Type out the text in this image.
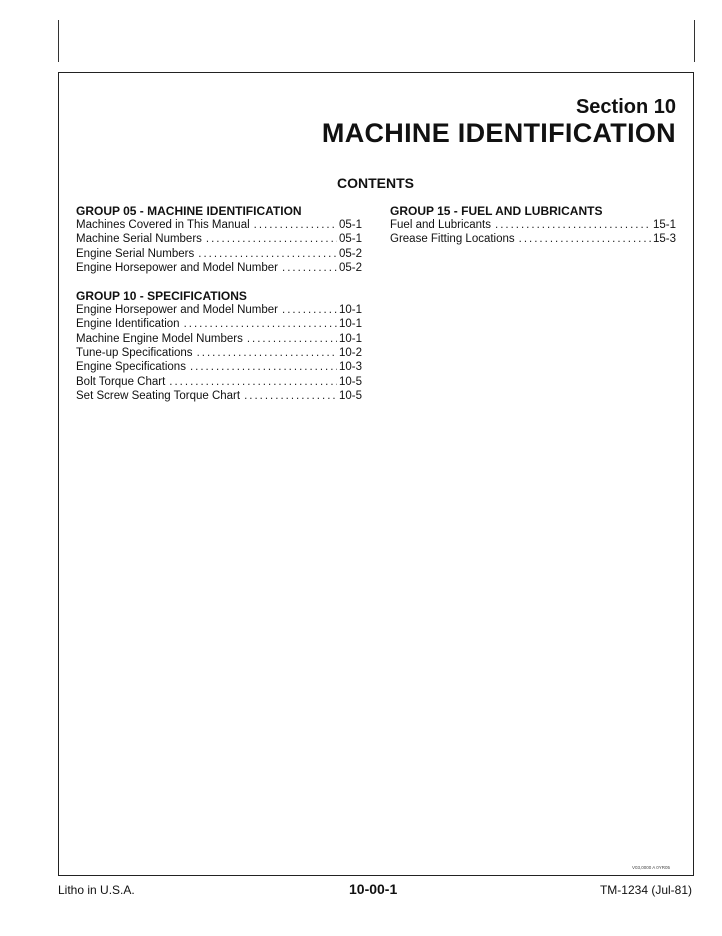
Section 10
MACHINE IDENTIFICATION
CONTENTS
GROUP 05 - MACHINE IDENTIFICATION
Machines Covered in This Manual .....	05-1
Machine Serial Numbers .....	05-1
Engine Serial Numbers .....	05-2
Engine Horsepower and Model Number .....	05-2
GROUP 10 - SPECIFICATIONS
Engine Horsepower and Model Number .....	10-1
Engine Identification .....	10-1
Machine Engine Model Numbers .....	10-1
Tune-up Specifications .....	10-2
Engine Specifications .....	10-3
Bolt Torque Chart .....	10-5
Set Screw Seating Torque Chart .....	10-5
GROUP 15 - FUEL AND LUBRICANTS
Fuel and Lubricants .....	15-1
Grease Fitting Locations .....	15-3
V03,0000 A 0YR05
Litho in U.S.A.	10-00-1	TM-1234 (Jul-81)
